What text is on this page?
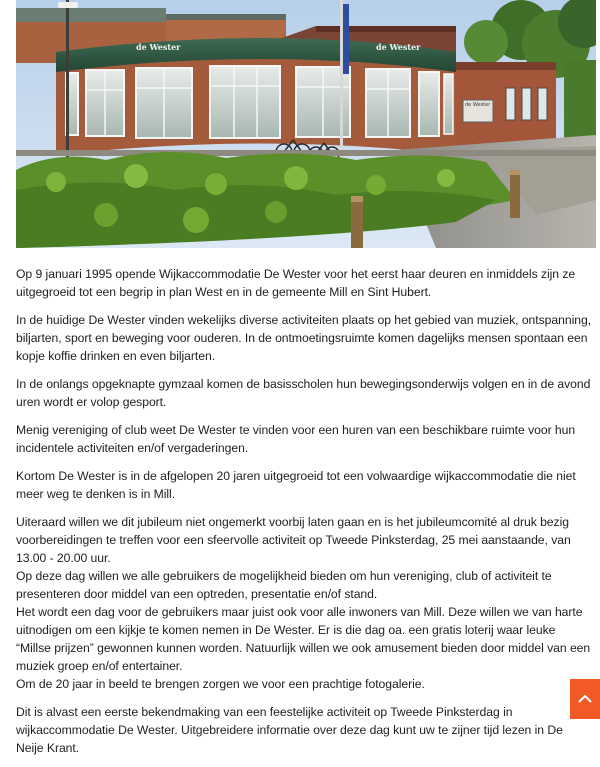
de Wester
de Wester	de Wester

Op 9 januari 1995 opende Wijkaccommodatie De Wester voor het eerst haar deuren en inmiddels zijn ze uitgegroeid tot een begrip in plan West en in de gemeente Mill en Sint Hubert.

In de huidige De Wester vinden wekelijks diverse activiteiten plaats op het gebied van muziek, ontspanning, biljarten, sport en beweging voor ouderen. In de ontmoetingsruimte komen dagelijks mensen spontaan een kopje koffie drinken en even biljarten.

In de onlangs opgeknapte gymzaal komen de basisscholen hun bewegingsonderwijs volgen en in de avond uren wordt er volop gesport.

Menig vereniging of club weet De Wester te vinden voor een huren van een beschikbare ruimte voor hun incidentele activiteiten en/of vergaderingen.

Kortom De Wester is in de afgelopen 20 jaren uitgegroeid tot een volwaardige wijkaccommodatie die niet meer weg te denken is in Mill.

Uiteraard willen we dit jubileum niet ongemerkt voorbij laten gaan en is het jubileumcomité al druk bezig voorbereidingen te treffen voor een sfeervolle activiteit op Tweede Pinksterdag, 25 mei aanstaande, van 13.00 - 20.00 uur.

Op deze dag willen we alle gebruikers de mogelijkheid bieden om hun vereniging, club of activiteit te presenteren door middel van een optreden, presentatie en/of stand.

Het wordt een dag voor de gebruikers maar juist ook voor alle inwoners van Mill. Deze willen we van harte uitnodigen om een kijkje te komen nemen in De Wester. Er is die dag oa. een gratis loterij waar leuke “Millse prijzen” gewonnen kunnen worden. Natuurlijk willen we ook amusement bieden door middel van een muziek groep en/of entertainer.

Om de 20 jaar in beeld te brengen zorgen we voor een prachtige fotogalerie.

Dit is alvast een eerste bekendmaking van een feestelijke activiteit op Tweede Pinksterdag in wijkaccommodatie De Wester. Uitgebreidere informatie over deze dag kunt uw te zijner tijd lezen in De Neije Krant.
